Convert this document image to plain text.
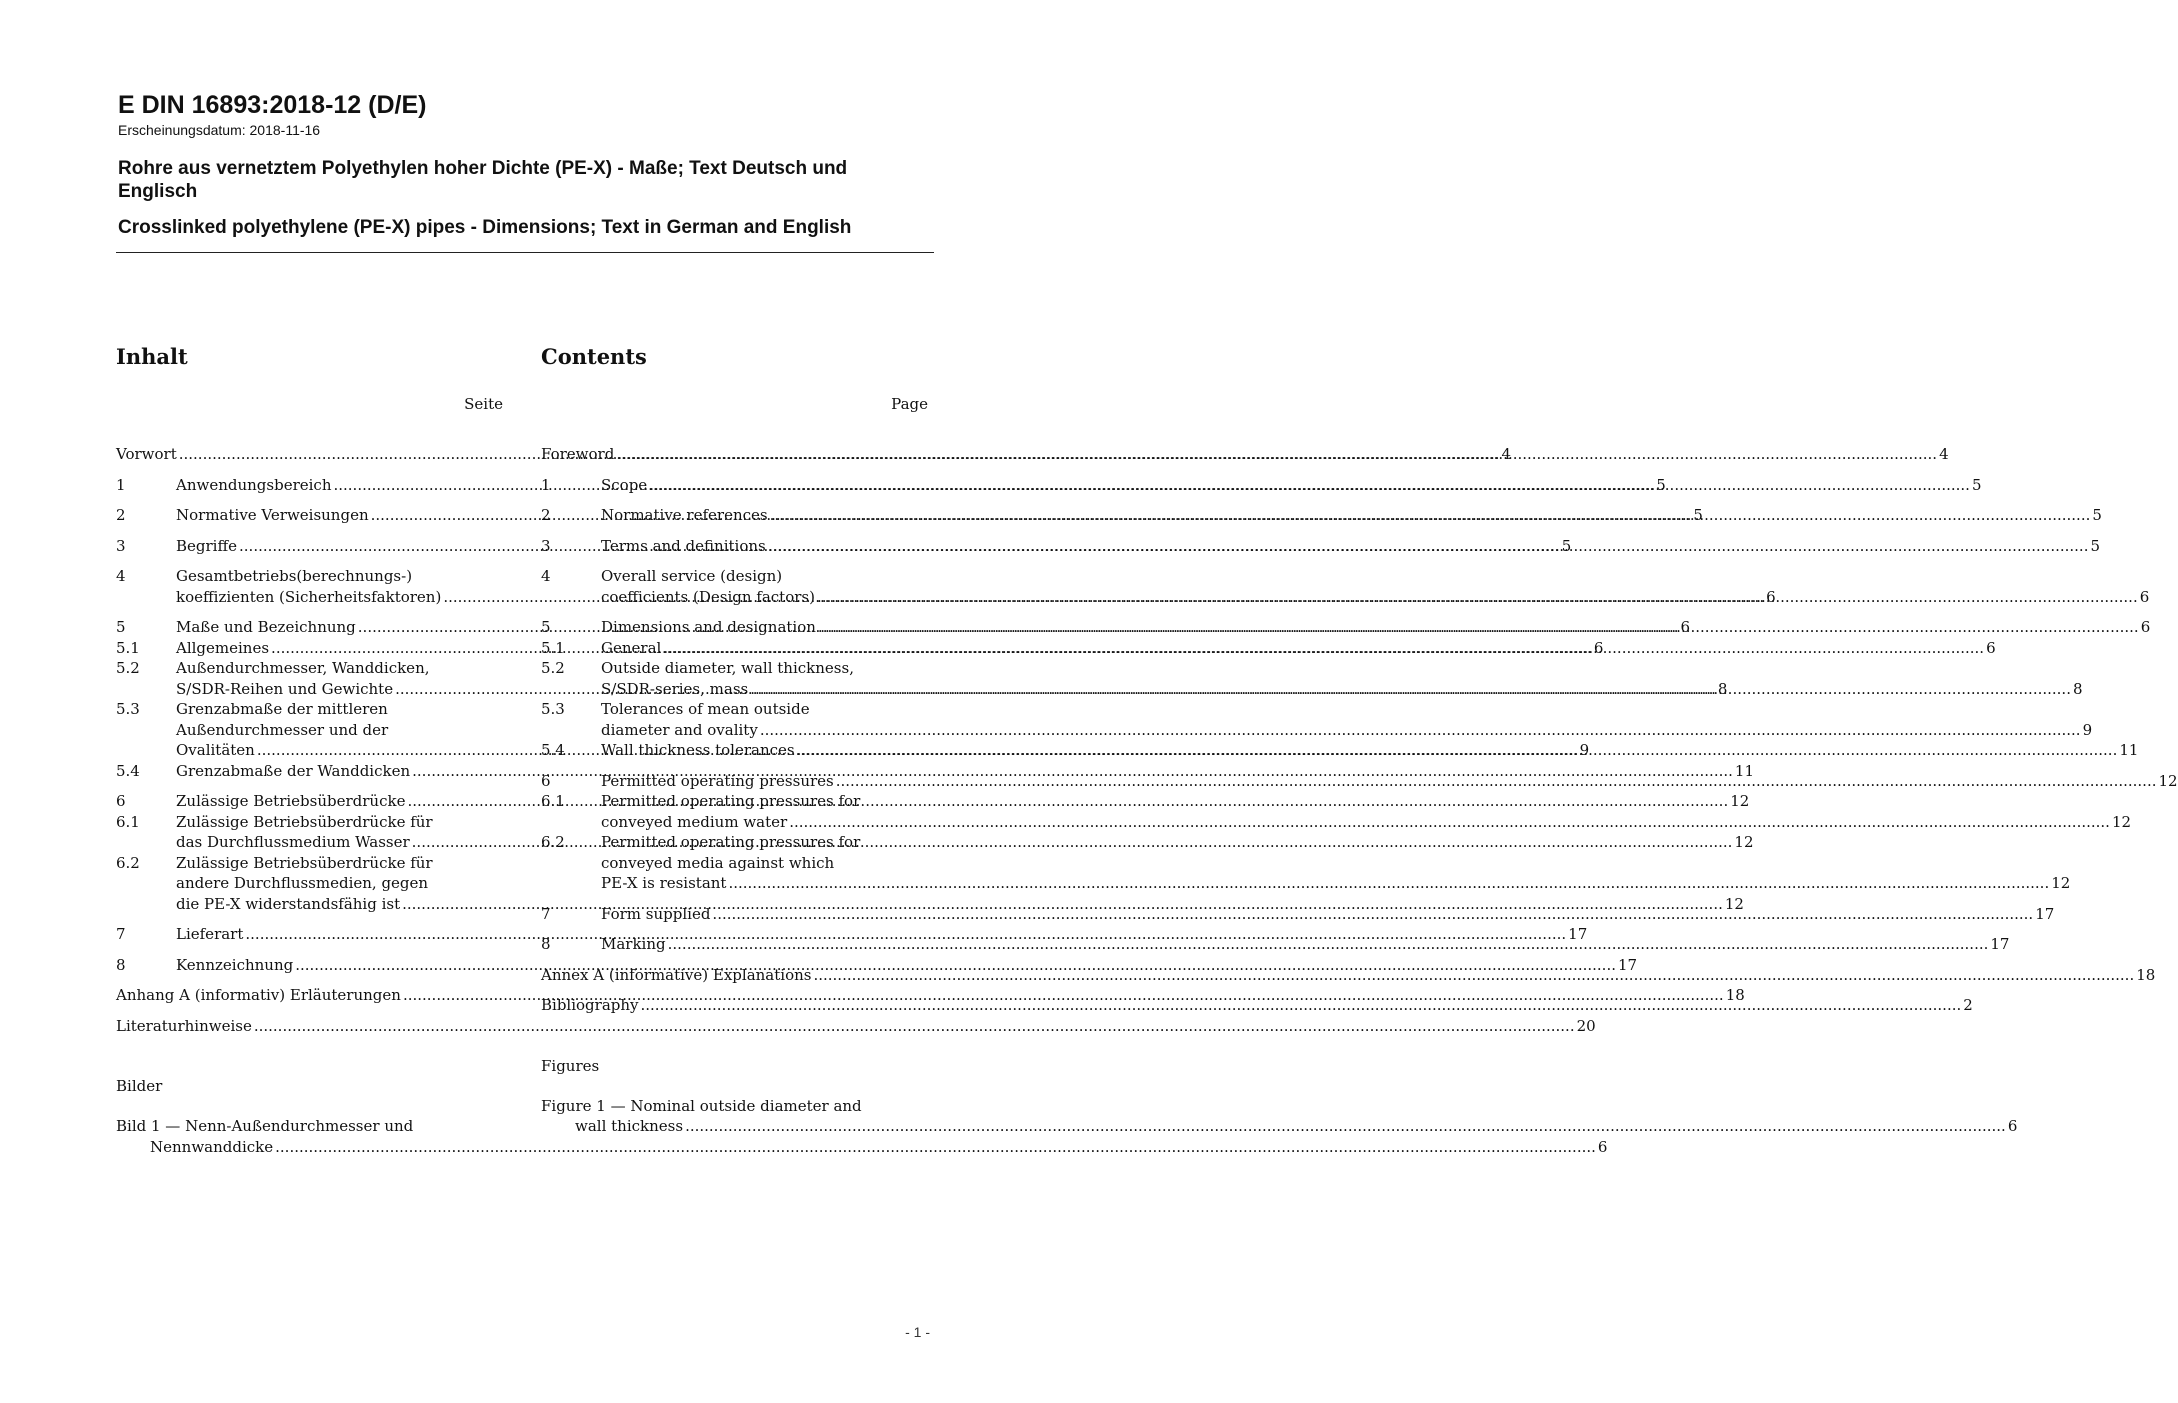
E DIN 16893:2018-12 (D/E)
Erscheinungsdatum: 2018-11-16
Rohre aus vernetztem Polyethylen hoher Dichte (PE-X) - Maße; Text Deutsch und Englisch
Crosslinked polyethylene (PE-X) pipes - Dimensions; Text in German and English
Inhalt
Seite
Vorwort .....	4
1	Anwendungsbereich .....	5
2	Normative Verweisungen .....	5
3	Begriffe .....	5
4	Gesamtbetriebs(berechnungs-)
koeffizienten (Sicherheitsfaktoren) .....	6
5	Maße und Bezeichnung .....	6
5.1	Allgemeines .....	6
5.2	Außendurchmesser, Wanddicken,
S/SDR-Reihen und Gewichte .....	8
5.3	Grenzabmaße der mittleren
Außendurchmesser und der
Ovalitäten .....	9
5.4	Grenzabmaße der Wanddicken .....	11
6	Zulässige Betriebsüberdrücke .....	12
6.1	Zulässige Betriebsüberdrücke für
das Durchflussmedium Wasser .....	12
6.2	Zulässige Betriebsüberdrücke für
andere Durchflussmedien, gegen
die PE-X widerstandsfähig ist .....	12
7	Lieferart .....	17
8	Kennzeichnung .....	17
Anhang A (informativ) Erläuterungen .....	18
Literaturhinweise .....	20
Bilder
Bild 1 — Nenn-Außendurchmesser und
Nennwanddicke .....	6
Contents
Page
Foreword .....	4
1	Scope .....	5
2	Normative references .....	5
3	Terms and definitions .....	5
4	Overall service (design)
coefficients (Design factors) .....	6
5	Dimensions and designation .....	6
5.1	General .....	6
5.2	Outside diameter, wall thickness,
S/SDR-series, mass .....	8
5.3	Tolerances of mean outside
diameter and ovality .....	9
5.4	Wall thickness tolerances .....	11
6	Permitted operating pressures .....	12
6.1	Permitted operating pressures for
conveyed medium water .....	12
6.2	Permitted operating pressures for
conveyed media against which
PE-X is resistant .....	12
7	Form supplied .....	17
8	Marking .....	17
Annex A (informative) Explanations .....	18
Bibliography .....	2
Figures
Figure 1 — Nominal outside diameter and
wall thickness .....	6
- 1 -
